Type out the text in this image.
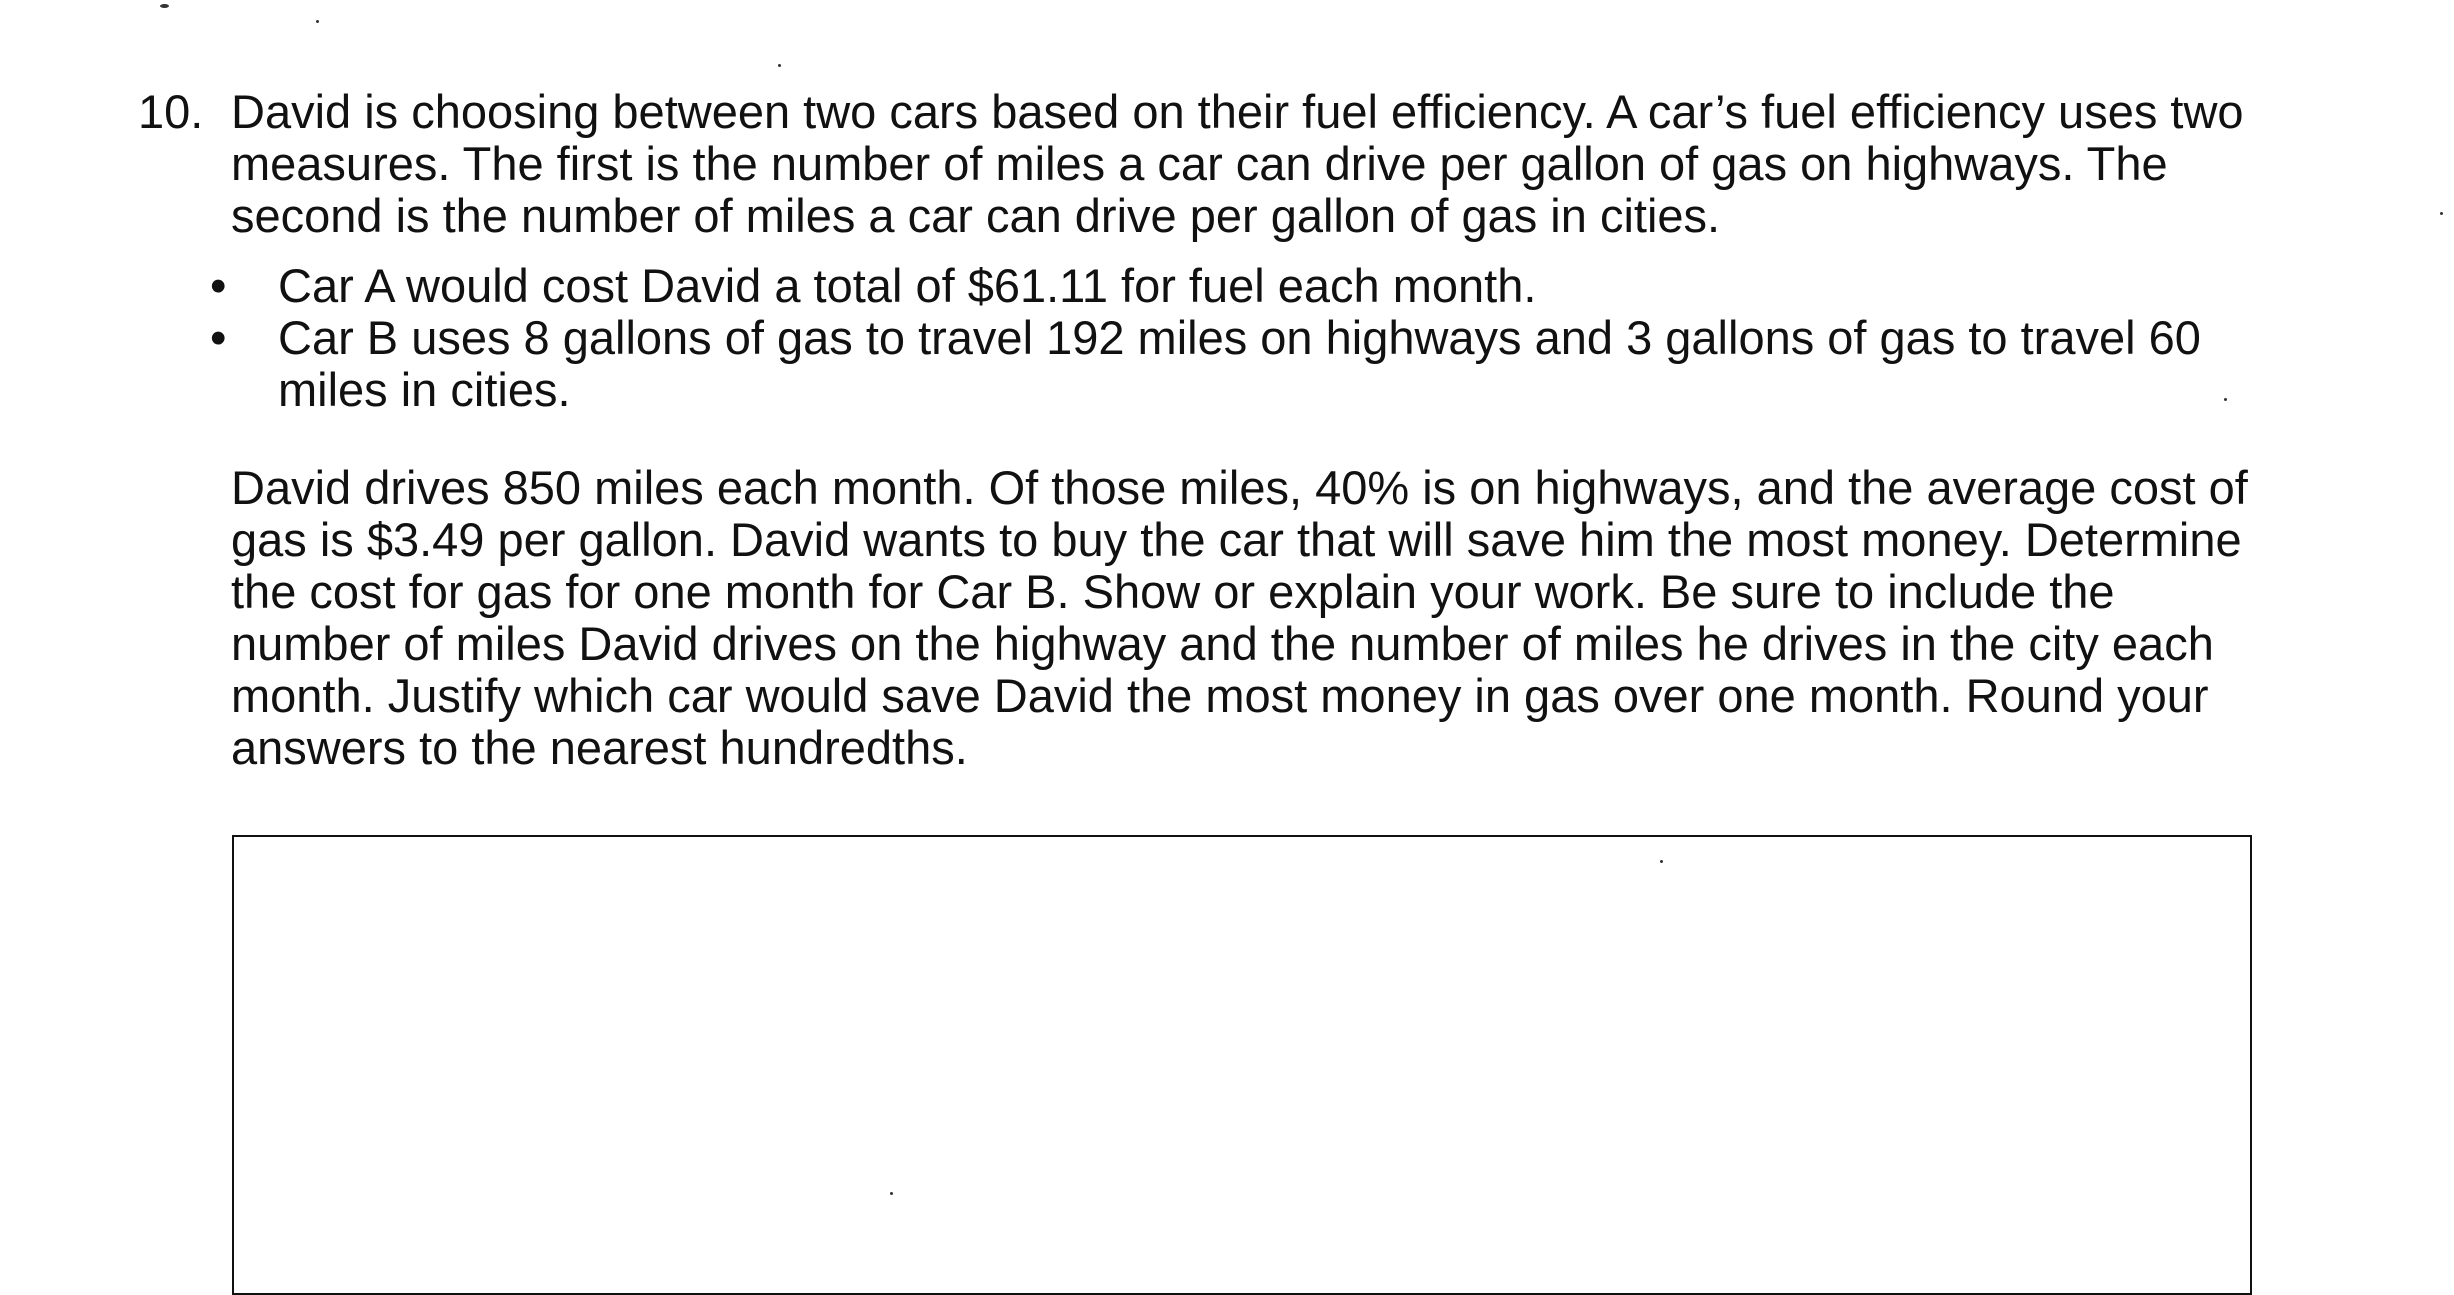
10. David is choosing between two cars based on their fuel efficiency. A car’s fuel efficiency uses two measures. The first is the number of miles a car can drive per gallon of gas on highways. The second is the number of miles a car can drive per gallon of gas in cities.

• Car A would cost David a total of $61.11 for fuel each month.
• Car B uses 8 gallons of gas to travel 192 miles on highways and 3 gallons of gas to travel 60 miles in cities.

David drives 850 miles each month. Of those miles, 40% is on highways, and the average cost of gas is $3.49 per gallon. David wants to buy the car that will save him the most money. Determine the cost for gas for one month for Car B. Show or explain your work. Be sure to include the number of miles David drives on the highway and the number of miles he drives in the city each month. Justify which car would save David the most money in gas over one month. Round your answers to the nearest hundredths.
